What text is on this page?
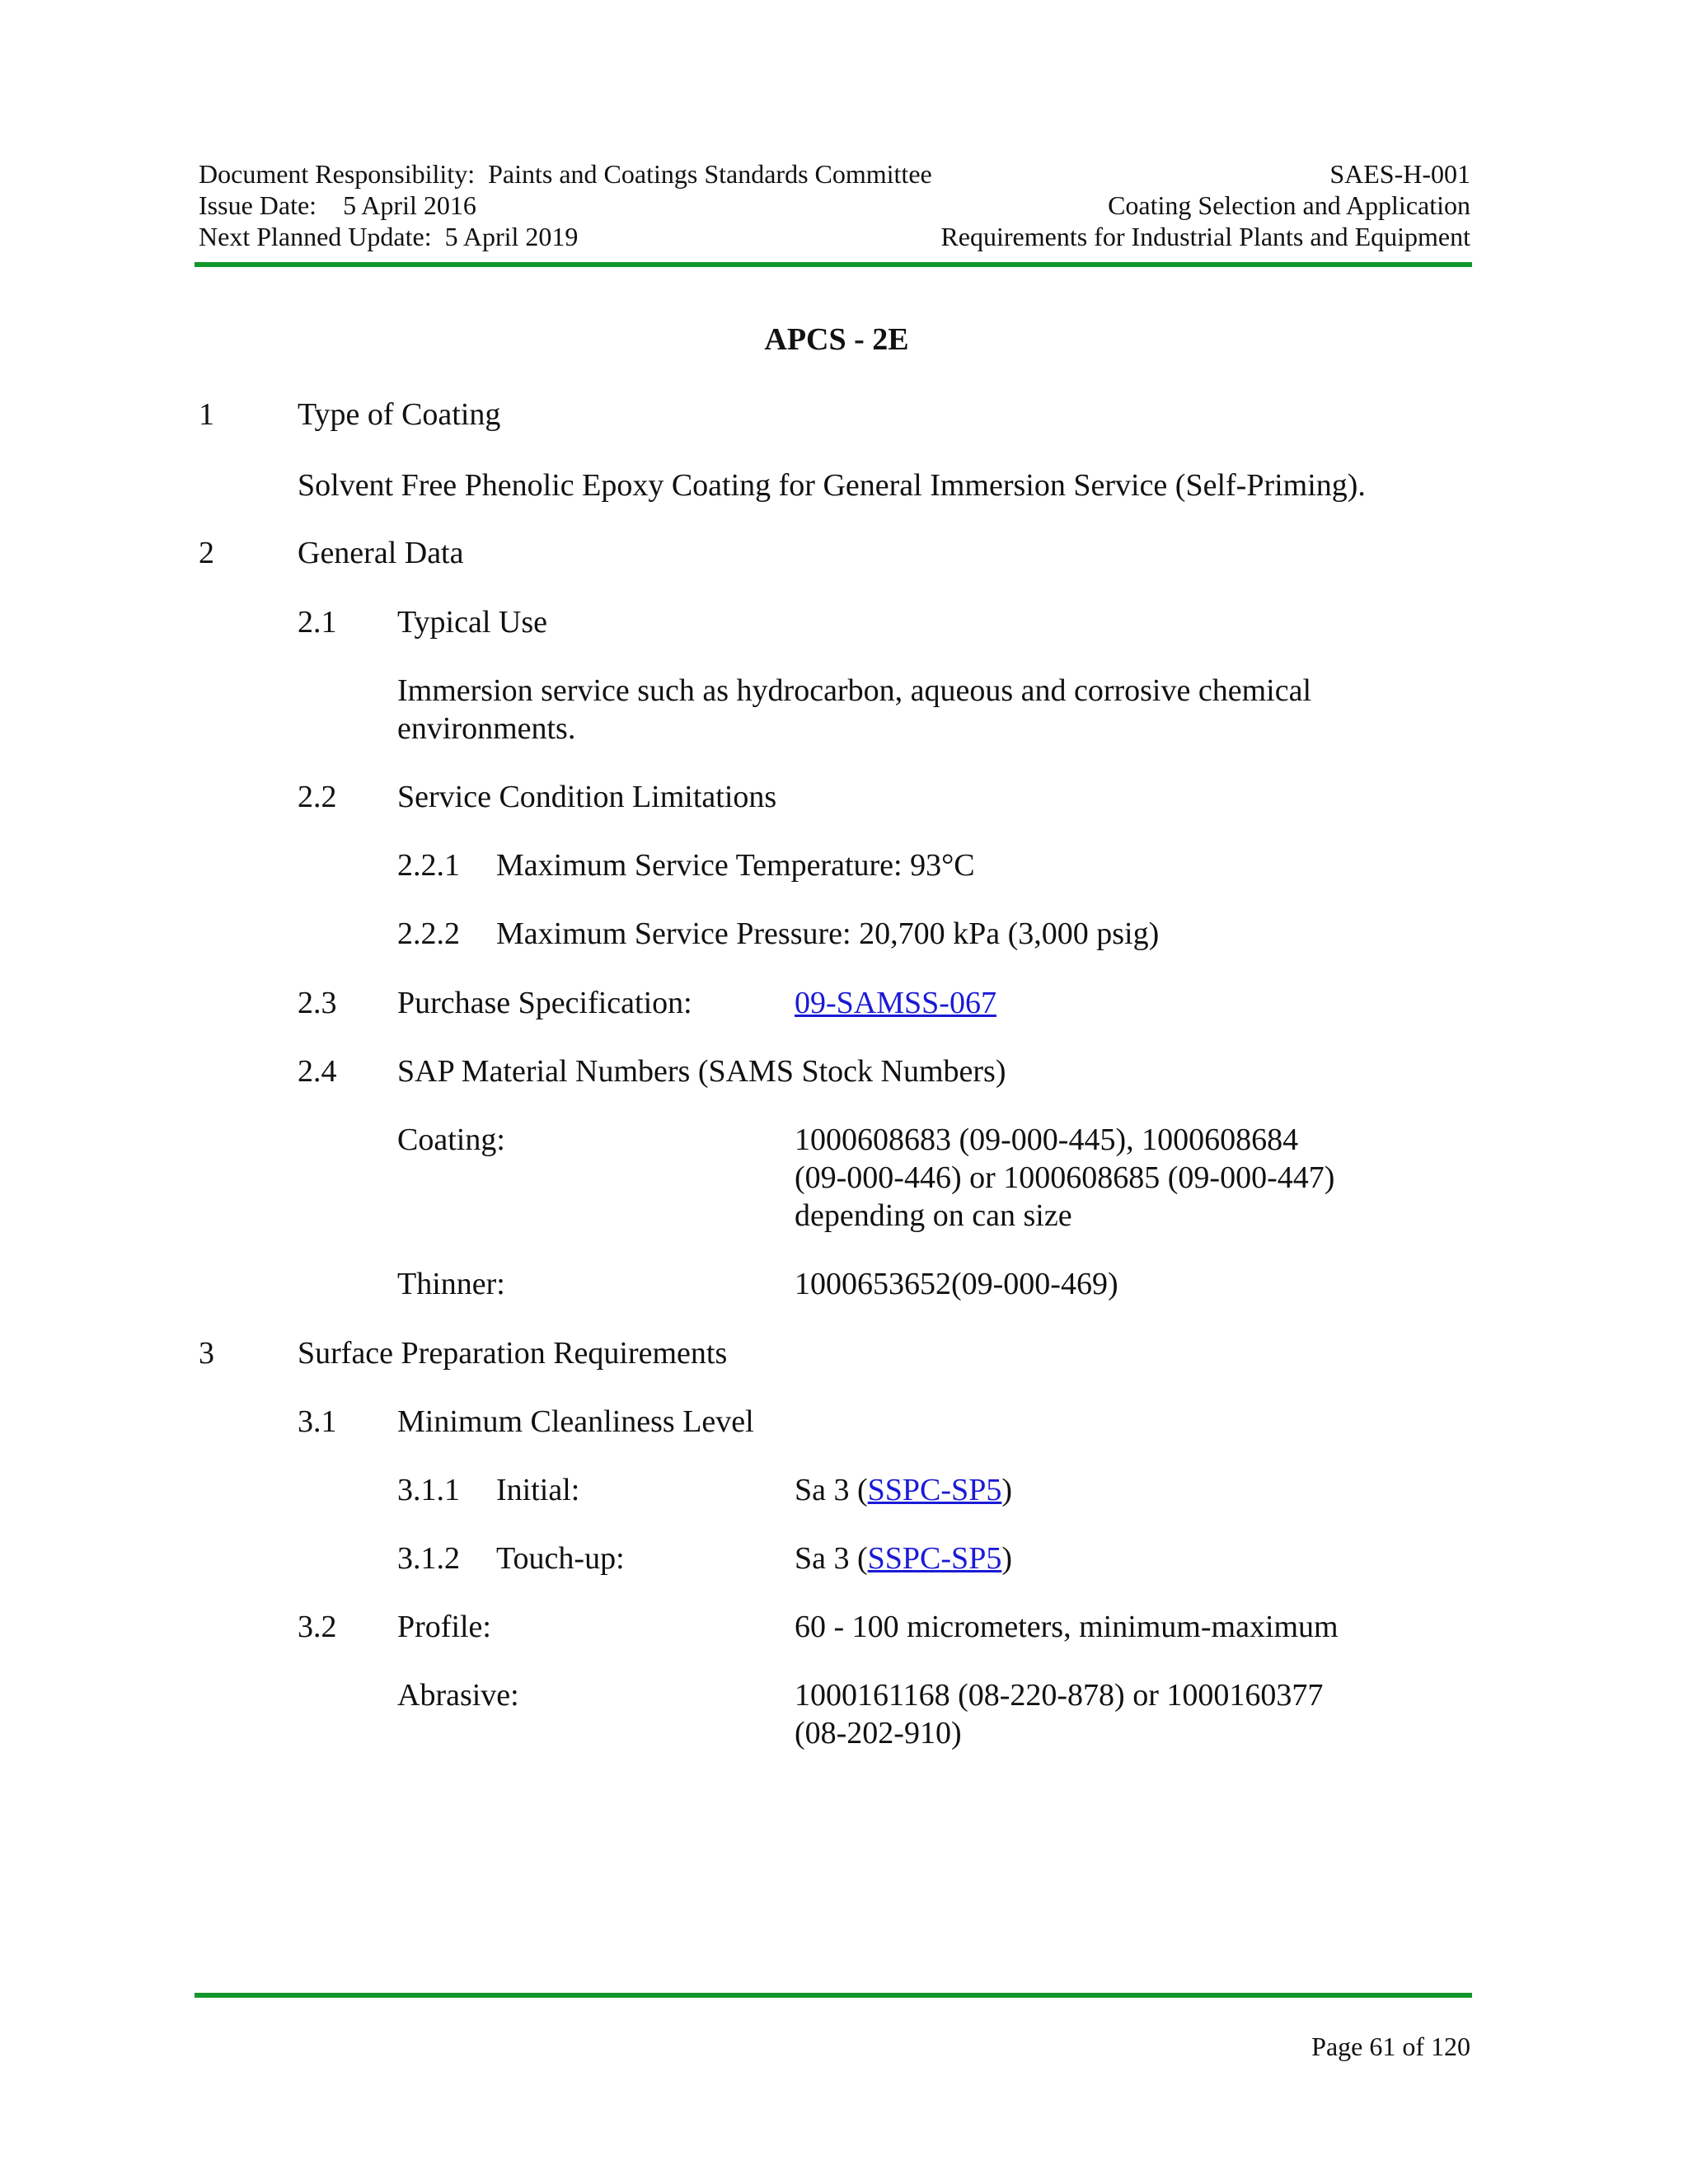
Document Responsibility:  Paints and Coatings Standards Committee
Issue Date:    5 April 2016
Next Planned Update:  5 April 2019
SAES-H-001
Coating Selection and Application
Requirements for Industrial Plants and Equipment
APCS - 2E
1	Type of Coating
Solvent Free Phenolic Epoxy Coating for General Immersion Service (Self-Priming).
2	General Data
2.1 Typical Use
Immersion service such as hydrocarbon, aqueous and corrosive chemical
environments.
2.2 Service Condition Limitations
2.2.1 Maximum Service Temperature: 93°C
2.2.2 Maximum Service Pressure: 20,700 kPa (3,000 psig)
2.3 Purchase Specification:	09-SAMSS-067
2.4 SAP Material Numbers (SAMS Stock Numbers)
Coating:	1000608683 (09-000-445), 1000608684
(09-000-446) or 1000608685 (09-000-447)
depending on can size
Thinner:	1000653652(09-000-469)
3	Surface Preparation Requirements
3.1 Minimum Cleanliness Level
3.1.1 Initial:	Sa 3 (SSPC-SP5)
3.1.2 Touch-up:	Sa 3 (SSPC-SP5)
3.2 Profile:	60 - 100 micrometers, minimum-maximum
Abrasive:	1000161168 (08-220-878) or 1000160377
(08-202-910)
Page 61 of 120
